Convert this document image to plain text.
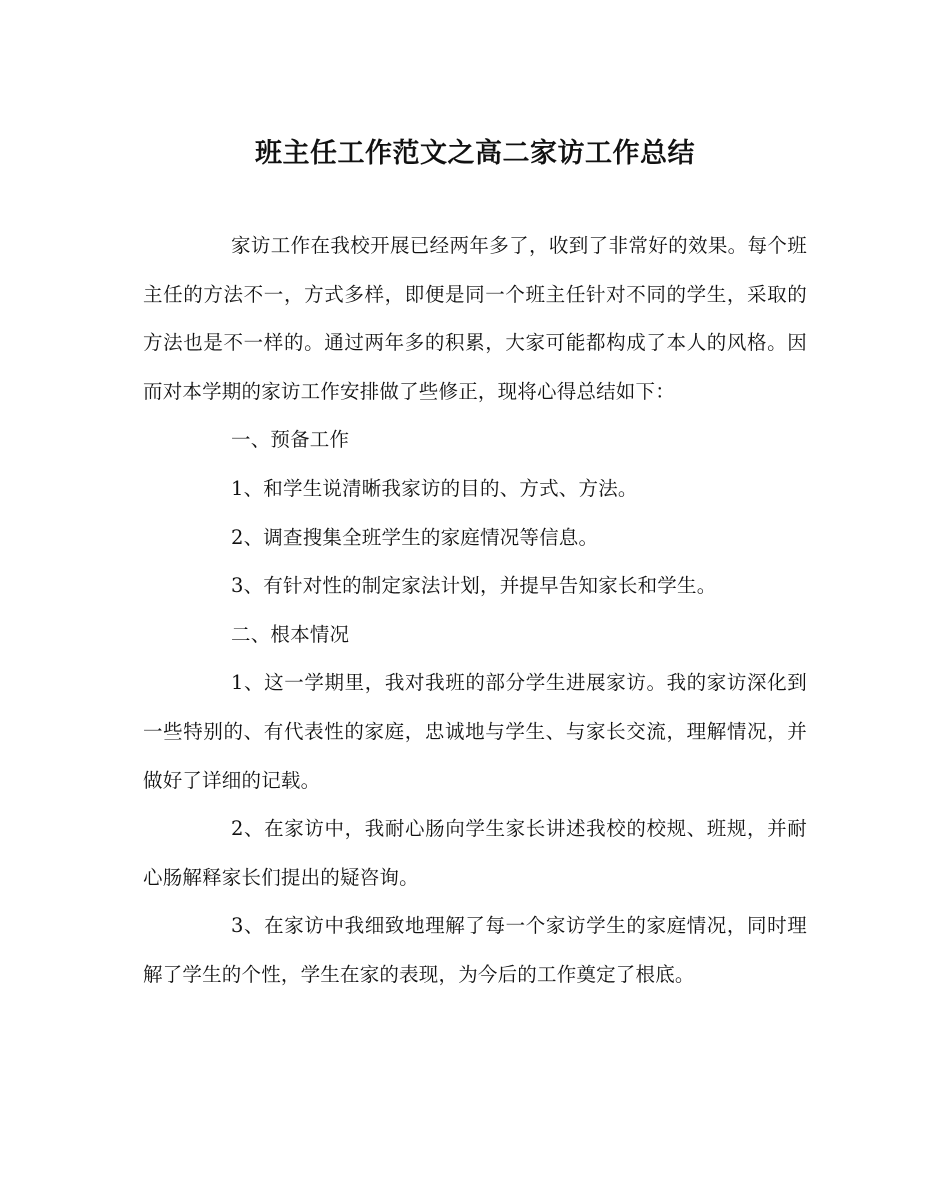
班主任工作范文之高二家访工作总结

家访工作在我校开展已经两年多了，收到了非常好的效果。每个班主任的方法不一，方式多样，即便是同一个班主任针对不同的学生，采取的方法也是不一样的。通过两年多的积累，大家可能都构成了本人的风格。因而对本学期的家访工作安排做了些修正，现将心得总结如下：

一、预备工作

1、和学生说清晰我家访的目的、方式、方法。

2、调查搜集全班学生的家庭情况等信息。

3、有针对性的制定家法计划，并提早告知家长和学生。

二、根本情况

1、这一学期里，我对我班的部分学生进展家访。我的家访深化到一些特别的、有代表性的家庭，忠诚地与学生、与家长交流，理解情况，并做好了详细的记载。

2、在家访中，我耐心肠向学生家长讲述我校的校规、班规，并耐心肠解释家长们提出的疑咨询。

3、在家访中我细致地理解了每一个家访学生的家庭情况，同时理解了学生的个性，学生在家的表现，为今后的工作奠定了根底。
